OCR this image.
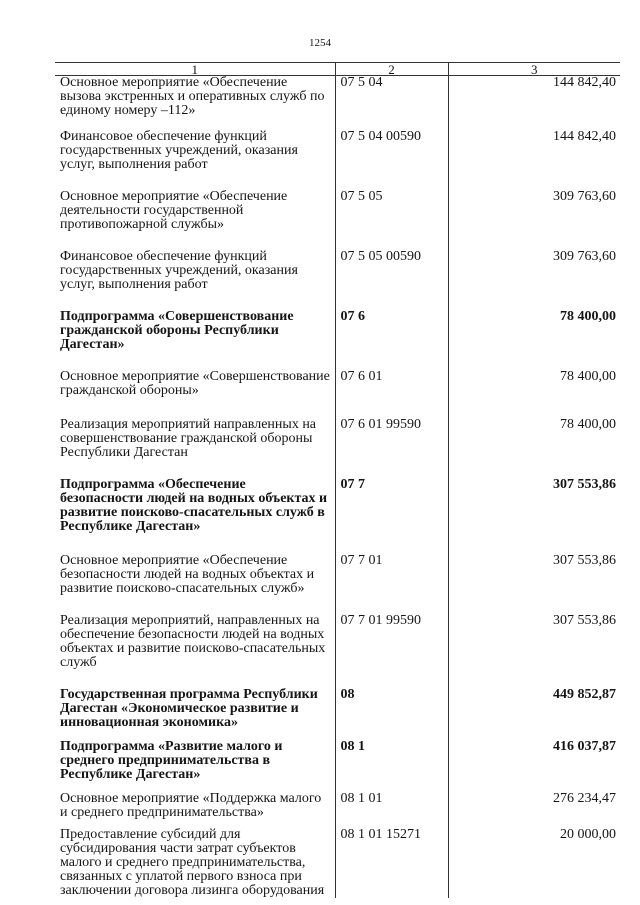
1254
1	2	3
Основное мероприятие «Обеспечение вызова экстренных и оперативных служб по единому номеру –112»	07 5 04	144 842,40
Финансовое обеспечение функций государственных учреждений, оказания услуг, выполнения работ	07 5 04 00590	144 842,40
Основное мероприятие «Обеспечение деятельности государственной противопожарной службы»	07 5 05	309 763,60
Финансовое обеспечение функций государственных учреждений, оказания услуг, выполнения работ	07 5 05 00590	309 763,60
Подпрограмма «Совершенствование гражданской обороны Республики Дагестан»	07 6	78 400,00
Основное мероприятие «Совершенствование гражданской обороны»	07 6 01	78 400,00
Реализация мероприятий направленных на совершенствование гражданской обороны Республики Дагестан	07 6 01 99590	78 400,00
Подпрограмма «Обеспечение безопасности людей на водных объектах и развитие поисково-спасательных служб в Республике Дагестан»	07 7	307 553,86
Основное мероприятие «Обеспечение безопасности людей на водных объектах и развитие поисково-спасательных служб»	07 7 01	307 553,86
Реализация мероприятий, направленных на обеспечение безопасности людей на водных объектах и развитие поисково-спасательных служб	07 7 01 99590	307 553,86
Государственная программа Республики Дагестан «Экономическое развитие и инновационная экономика»	08	449 852,87
Подпрограмма «Развитие малого и среднего предпринимательства в Республике Дагестан»	08 1	416 037,87
Основное мероприятие «Поддержка малого и среднего предпринимательства»	08 1 01	276 234,47
Предоставление субсидий для субсидирования части затрат субъектов малого и среднего предпринимательства, связанных с уплатой первого взноса при заключении договора лизинга оборудования	08 1 01 15271	20 000,00
